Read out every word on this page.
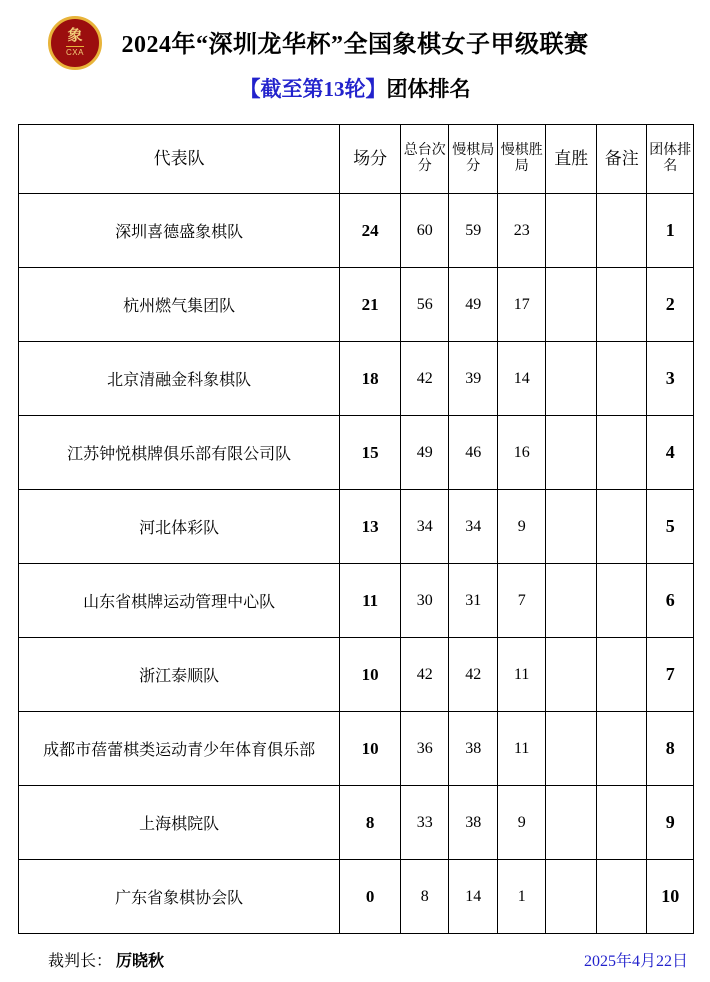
象
CXA	2024年“深圳龙华杯”全国象棋女子甲级联赛
【截至第13轮】团体排名
代表队	场分	总台次分	慢棋局分	慢棋胜局	直胜	备注	团体排名
深圳喜德盛象棋队	24	60	59	23			1
杭州燃气集团队	21	56	49	17			2
北京清融金科象棋队	18	42	39	14			3
江苏钟悦棋牌俱乐部有限公司队	15	49	46	16			4
河北体彩队	13	34	34	9			5
山东省棋牌运动管理中心队	11	30	31	7			6
浙江泰顺队	10	42	42	11			7
成都市蓓蕾棋类运动青少年体育俱乐部	10	36	38	11			8
上海棋院队	8	33	38	9			9
广东省象棋协会队	0	8	14	1			10
裁判长： 厉晓秋	2025年4月22日
